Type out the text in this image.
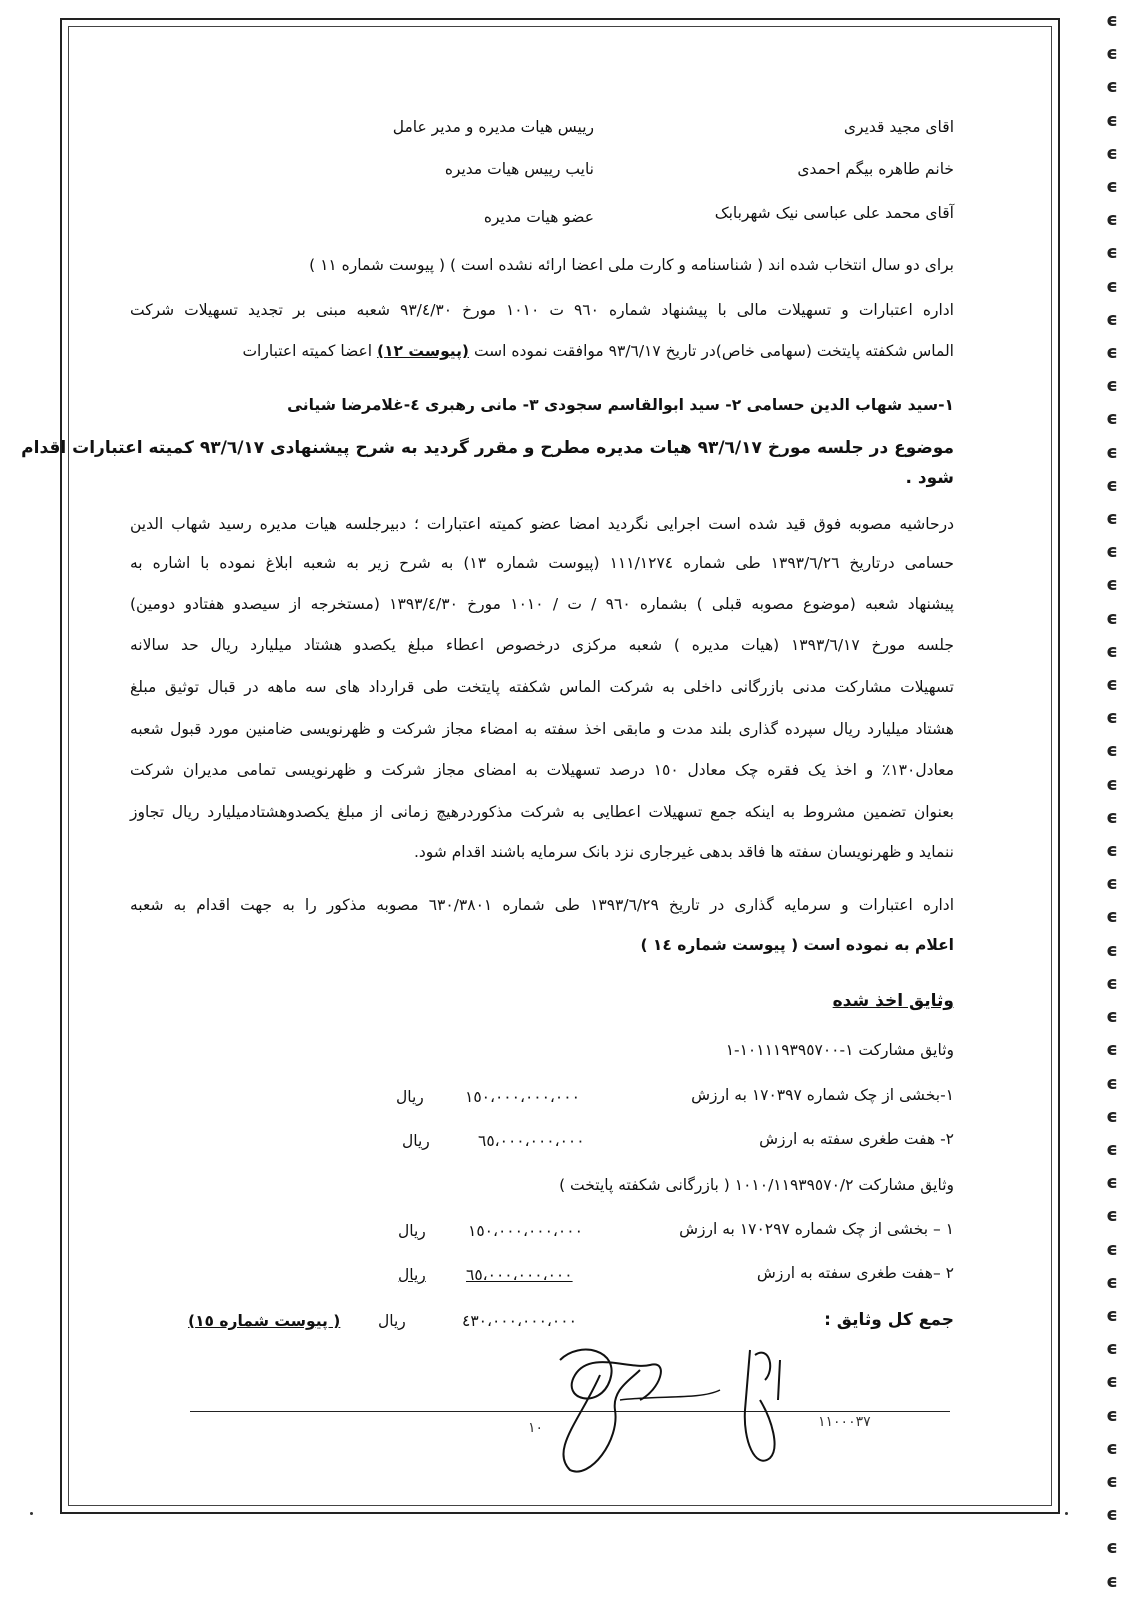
اقای مجید قدیری
رییس هیات مدیره و مدیر عامل
خانم طاهره بیگم احمدی
نایب رییس هیات مدیره
آقای محمد علی عباسی نیک شهربابک
عضو هیات مدیره
برای دو سال انتخاب شده اند ( شناسنامه و کارت ملی اعضا ارائه نشده است ) ( پیوست شماره ١١ )
اداره اعتبارات و تسهیلات مالی با پیشنهاد شماره ٩٦٠ ت ١٠١٠ مورخ ٩٣/٤/٣٠ شعبه مبنی بر تجدید تسهیلات شرکت
الماس شکفته پایتخت (سهامی خاص)در تاریخ ٩٣/٦/١٧ موافقت نموده است (پیوست ١٢) اعضا کمیته اعتبارات
١-سید شهاب الدین حسامی ٢- سید ابوالقاسم سجودی ٣- مانی رهبری ٤-غلامرضا شیانی
موضوع در جلسه مورخ ٩٣/٦/١٧ هیات مدیره مطرح و مقرر گردید به شرح پیشنهادی ٩٣/٦/١٧ کمیته اعتبارات اقدام
شود .
درحاشیه مصوبه فوق قید شده است اجرایی نگردید امضا عضو کمیته اعتبارات ؛ دبیرجلسه هیات مدیره رسید شهاب الدین
حسامی درتاریخ ١٣٩٣/٦/٢٦ طی شماره ١١١/١٢٧٤ (پیوست شماره ١٣) به شرح زیر به شعبه ابلاغ نموده با اشاره به
پیشنهاد شعبه (موضوع مصوبه قبلی ) بشماره ٩٦٠ / ت / ١٠١٠ مورخ ١٣٩٣/٤/٣٠ (مستخرجه از سیصدو هفتادو دومین)
جلسه مورخ ١٣٩٣/٦/١٧ (هیات مدیره ) شعبه مرکزی درخصوص اعطاء مبلغ یکصدو هشتاد میلیارد ریال حد سالانه
تسهیلات مشارکت مدنی بازرگانی داخلی به شرکت الماس شکفته پایتخت طی قرارداد های سه ماهه در قبال توثیق مبلغ
هشتاد میلیارد ریال سپرده گذاری بلند مدت و مابقی اخذ سفته به امضاء مجاز شرکت و ظهرنویسی ضامنین مورد قبول شعبه
معادل١٣٠٪ و اخذ یک فقره چک معادل ١٥٠ درصد تسهیلات به امضای مجاز شرکت و ظهرنویسی تمامی مدیران شرکت
بعنوان تضمین مشروط به اینکه جمع تسهیلات اعطایی به شرکت مذکوردرهیچ زمانی از مبلغ یکصدوهشتادمیلیارد ریال تجاوز
ننماید و ظهرنویسان سفته ها فاقد بدهی غیرجاری نزد بانک سرمایه باشند اقدام شود.
اداره اعتبارات و سرمایه گذاری در تاریخ ١٣٩٣/٦/٢٩ طی شماره ٦٣٠/٣٨٠١ مصوبه مذکور را به جهت اقدام به شعبه
اعلام به نموده است ( پیوست شماره ١٤ )
وثایق اخذ شده
وثایق مشارکت ١-١٠١١١٩٣٩٥٧٠٠-١
١-بخشی از چک شماره ١٧٠٣٩٧ به ارزش
١٥٠،٠٠٠،٠٠٠،٠٠٠
ریال
٢- هفت طغری سفته به ارزش
٦٥،٠٠٠،٠٠٠،٠٠٠
ریال
وثایق مشارکت ١٠١٠/١١٩٣٩٥٧٠/٢ ( بازرگانی شکفته پایتخت )
١ – بخشی از چک شماره ١٧٠٢٩٧ به ارزش
١٥٠،٠٠٠،٠٠٠،٠٠٠
ریال
٢ –هفت طغری سفته به ارزش
٦٥،٠٠٠،٠٠٠،٠٠٠
ریال
جمع کل وثایق :
٤٣٠،٠٠٠،٠٠٠،٠٠٠
ریال
( پیوست شماره ١٥)
١٠	١١٠٠٠٣٧
ϵ
ϵ
ϵ
ϵ
ϵ
ϵ
ϵ
ϵ
ϵ
ϵ
ϵ
ϵ
ϵ
ϵ
ϵ
ϵ
ϵ
ϵ
ϵ
ϵ
ϵ
ϵ
ϵ
ϵ
ϵ
ϵ
ϵ
ϵ
ϵ
ϵ
ϵ
ϵ
ϵ
ϵ
ϵ
ϵ
ϵ
ϵ
ϵ
ϵ
ϵ
ϵ
ϵ
ϵ
ϵ
ϵ
ϵ
ϵ
